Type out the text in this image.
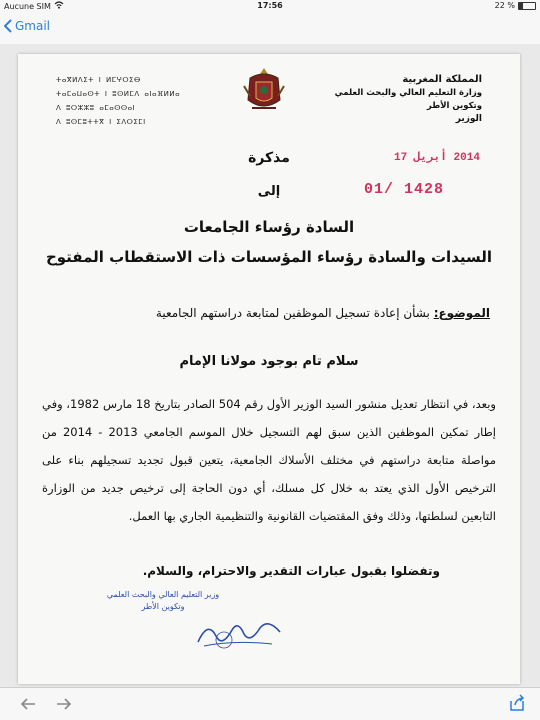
Aucune SIM	17:56	22 %
Gmail
ⵜⴰⴳⵍⴷⵉⵜ ⵏ ⵍⵎⵖⵔⵉⴱ
ⵜⴰⵎⴰⵡⴰⵙⵜ ⵏ ⵓⵙⵍⵎⴷ ⴰⵏⴰⴼⵍⵍⴰ
ⴷ ⵓⵔⵣⵣⵓ ⴰⵎⴰⵙⵙⴰⵏ
ⴷ ⵓⵙⵎⵓⵜⵜⴳ ⵏ ⵉⴷⵔⵉⵎⵏ
المملكة المغربية
وزارة التعليم العالي والبحث العلمي
وتكوين الأطر
الوزير
2014 أبريل 17
01/ 1428
مذكرة
إلى
السادة رؤساء الجامعات
السيدات والسادة رؤساء المؤسسات ذات الاستقطاب المفتوح
الموضوع: بشأن إعادة تسجيل الموظفين لمتابعة دراستهم الجامعية
سلام تام بوجود مولانا الإمام
وبعد، في انتظار تعديل منشور السيد الوزير الأول رقم 504 الصادر بتاريخ 18 مارس 1982، وفي إطار تمكين الموظفين الذين سبق لهم التسجيل خلال الموسم الجامعي 2013 - 2014 من مواصلة متابعة دراستهم في مختلف الأسلاك الجامعية، يتعين قبول تجديد تسجيلهم بناء على الترخيص الأول الذي يعتد به خلال كل مسلك، أي دون الحاجة إلى ترخيص جديد من الوزارة التابعين لسلطتها، وذلك وفق المقتضيات القانونية والتنظيمية الجاري بها العمل.
وتفضلوا بقبول عبارات التقدير والاحترام، والسلام.
وزير التعليم العالي والبحث العلمي
وتكوين الأطر
